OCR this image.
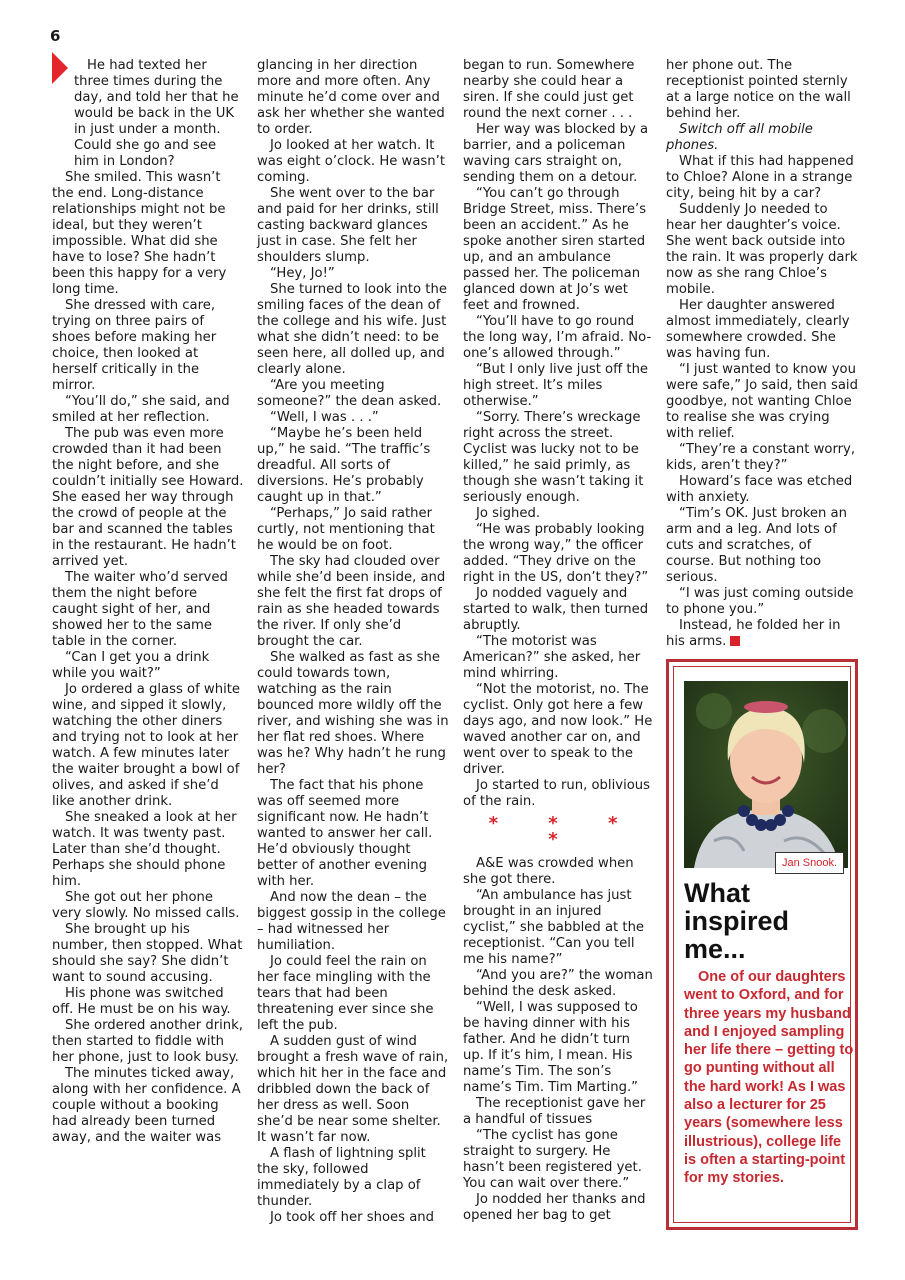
6

He had texted her three times during the day, and told her that he would be back in the UK in just under a month. Could she go and see him in London?

She smiled. This wasn’t the end. Long-distance relationships might not be ideal, but they weren’t impossible. What did she have to lose? She hadn’t been this happy for a very long time.

She dressed with care, trying on three pairs of shoes before making her choice, then looked at herself critically in the mirror.

“You’ll do,” she said, and smiled at her reflection.

The pub was even more crowded than it had been the night before, and she couldn’t initially see Howard. She eased her way through the crowd of people at the bar and scanned the tables in the restaurant. He hadn’t arrived yet.

The waiter who’d served them the night before caught sight of her, and showed her to the same table in the corner.

“Can I get you a drink while you wait?”

Jo ordered a glass of white wine, and sipped it slowly, watching the other diners and trying not to look at her watch. A few minutes later the waiter brought a bowl of olives, and asked if she’d like another drink.

She sneaked a look at her watch. It was twenty past. Later than she’d thought. Perhaps she should phone him.

She got out her phone very slowly. No missed calls.

She brought up his number, then stopped. What should she say? She didn’t want to sound accusing.

His phone was switched off. He must be on his way.

She ordered another drink, then started to fiddle with her phone, just to look busy.

The minutes ticked away, along with her confidence. A couple without a booking had already been turned away, and the waiter was

glancing in her direction more and more often. Any minute he’d come over and ask her whether she wanted to order.

Jo looked at her watch. It was eight o’clock. He wasn’t coming.

She went over to the bar and paid for her drinks, still casting backward glances just in case. She felt her shoulders slump.

“Hey, Jo!”

She turned to look into the smiling faces of the dean of the college and his wife. Just what she didn’t need: to be seen here, all dolled up, and clearly alone.

“Are you meeting someone?” the dean asked.

“Well, I was . . .”

“Maybe he’s been held up,” he said. “The traffic’s dreadful. All sorts of diversions. He’s probably caught up in that.”

“Perhaps,” Jo said rather curtly, not mentioning that he would be on foot.

The sky had clouded over while she’d been inside, and she felt the first fat drops of rain as she headed towards the river. If only she’d brought the car.

She walked as fast as she could towards town, watching as the rain bounced more wildly off the river, and wishing she was in her flat red shoes. Where was he? Why hadn’t he rung her?

The fact that his phone was off seemed more significant now. He hadn’t wanted to answer her call. He’d obviously thought better of another evening with her.

And now the dean – the biggest gossip in the college – had witnessed her humiliation.

Jo could feel the rain on her face mingling with the tears that had been threatening ever since she left the pub.

A sudden gust of wind brought a fresh wave of rain, which hit her in the face and dribbled down the back of her dress as well. Soon she’d be near some shelter. It wasn’t far now.

A flash of lightning split the sky, followed immediately by a clap of thunder.

Jo took off her shoes and

began to run. Somewhere nearby she could hear a siren. If she could just get round the next corner . . .

Her way was blocked by a barrier, and a policeman waving cars straight on, sending them on a detour.

“You can’t go through Bridge Street, miss. There’s been an accident.” As he spoke another siren started up, and an ambulance passed her. The policeman glanced down at Jo’s wet feet and frowned.

“You’ll have to go round the long way, I’m afraid. No-one’s allowed through.”

“But I only live just off the high street. It’s miles otherwise.”

“Sorry. There’s wreckage right across the street. Cyclist was lucky not to be killed,” he said primly, as though she wasn’t taking it seriously enough.

Jo sighed.

“He was probably looking the wrong way,” the officer added. “They drive on the right in the US, don’t they?”

Jo nodded vaguely and started to walk, then turned abruptly.

“The motorist was American?” she asked, her mind whirring.

“Not the motorist, no. The cyclist. Only got here a few days ago, and now look.” He waved another car on, and went over to speak to the driver.

Jo started to run, oblivious of the rain.

* * * *

A&E was crowded when she got there.

“An ambulance has just brought in an injured cyclist,” she babbled at the receptionist. “Can you tell me his name?”

“And you are?” the woman behind the desk asked.

“Well, I was supposed to be having dinner with his father. And he didn’t turn up. If it’s him, I mean. His name’s Tim. The son’s name’s Tim. Tim Marting.”

The receptionist gave her a handful of tissues

“The cyclist has gone straight to surgery. He hasn’t been registered yet. You can wait over there.”

Jo nodded her thanks and opened her bag to get

her phone out. The receptionist pointed sternly at a large notice on the wall behind her.

Switch off all mobile phones.

What if this had happened to Chloe? Alone in a strange city, being hit by a car?

Suddenly Jo needed to hear her daughter’s voice. She went back outside into the rain. It was properly dark now as she rang Chloe’s mobile.

Her daughter answered almost immediately, clearly somewhere crowded. She was having fun.

“I just wanted to know you were safe,” Jo said, then said goodbye, not wanting Chloe to realise she was crying with relief.

“They’re a constant worry, kids, aren’t they?”

Howard’s face was etched with anxiety.

“Tim’s OK. Just broken an arm and a leg. And lots of cuts and scratches, of course. But nothing too serious.

“I was just coming outside to phone you.”

Instead, he folded her in his arms.

Jan Snook.
What
inspired
me...

One of our daughters went to Oxford, and for three years my husband and I enjoyed sampling her life there – getting to go punting without all the hard work! As I was also a lecturer for 25 years (somewhere less illustrious), college life is often a starting-point for my stories.
